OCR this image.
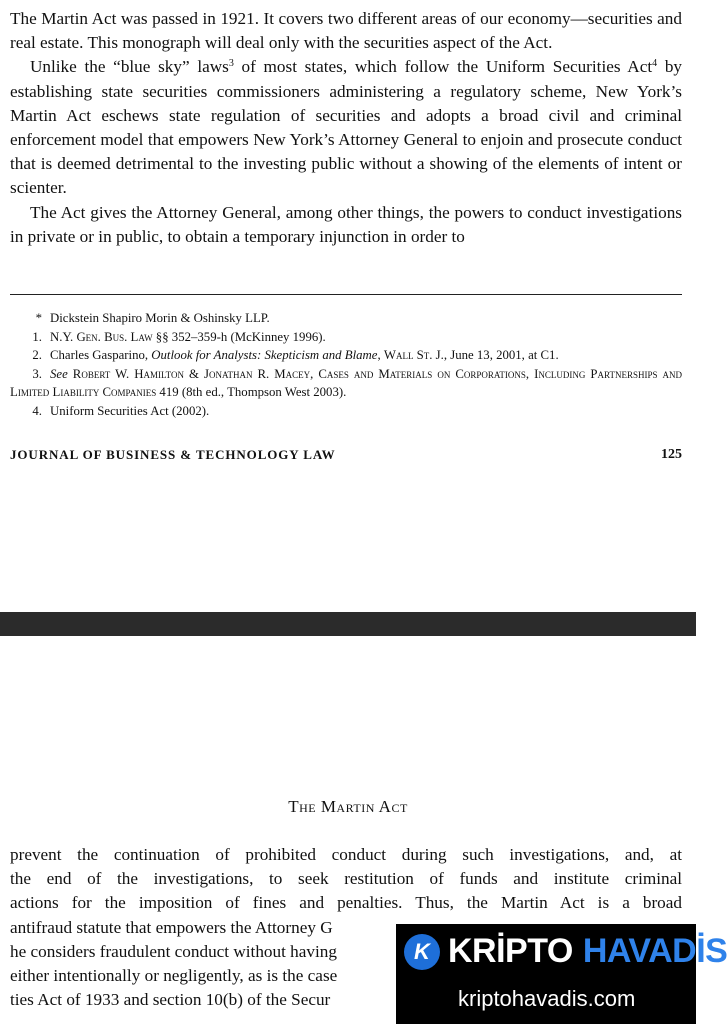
The Martin Act was passed in 1921. It covers two different areas of our economy—securities and real estate. This monograph will deal only with the securities aspect of the Act.

Unlike the “blue sky” laws$^3$ of most states, which follow the Uniform Securities Act$^4$ by establishing state securities commissioners administering a regulatory scheme, New York’s Martin Act eschews state regulation of securities and adopts a broad civil and criminal enforcement model that empowers New York’s Attorney General to enjoin and prosecute conduct that is deemed detrimental to the investing public without a showing of the elements of intent or scienter.

The Act gives the Attorney General, among other things, the powers to conduct investigations in private or in public, to obtain a temporary injunction in order to

* Dickstein Shapiro Morin & Oshinsky LLP.

1. N.Y. Gen. Bus. Law §§ 352–359-h (McKinney 1996).

2. Charles Gasparino, Outlook for Analysts: Skepticism and Blame, Wall St. J., June 13, 2001, at C1.

3. See Robert W. Hamilton & Jonathan R. Macey, Cases and Materials on Corporations, Including Partnerships and Limited Liability Companies 419 (8th ed., Thompson West 2003).

4. Uniform Securities Act (2002).

JOURNAL OF BUSINESS & TECHNOLOGY LAW	125
The Martin Act
prevent the continuation of prohibited conduct during such investigations, and, at
the end of the investigations, to seek restitution of funds and institute criminal
actions for the imposition of fines and penalties. Thus, the Martin Act is a broad
antifraud statute that empowers the Attorney G
he considers fraudulent conduct without having
either intentionally or negligently, as is the case
ties Act of 1933 and section 10(b) of the Secur
K KRİPTO HAVADİS
kriptohavadis.com
